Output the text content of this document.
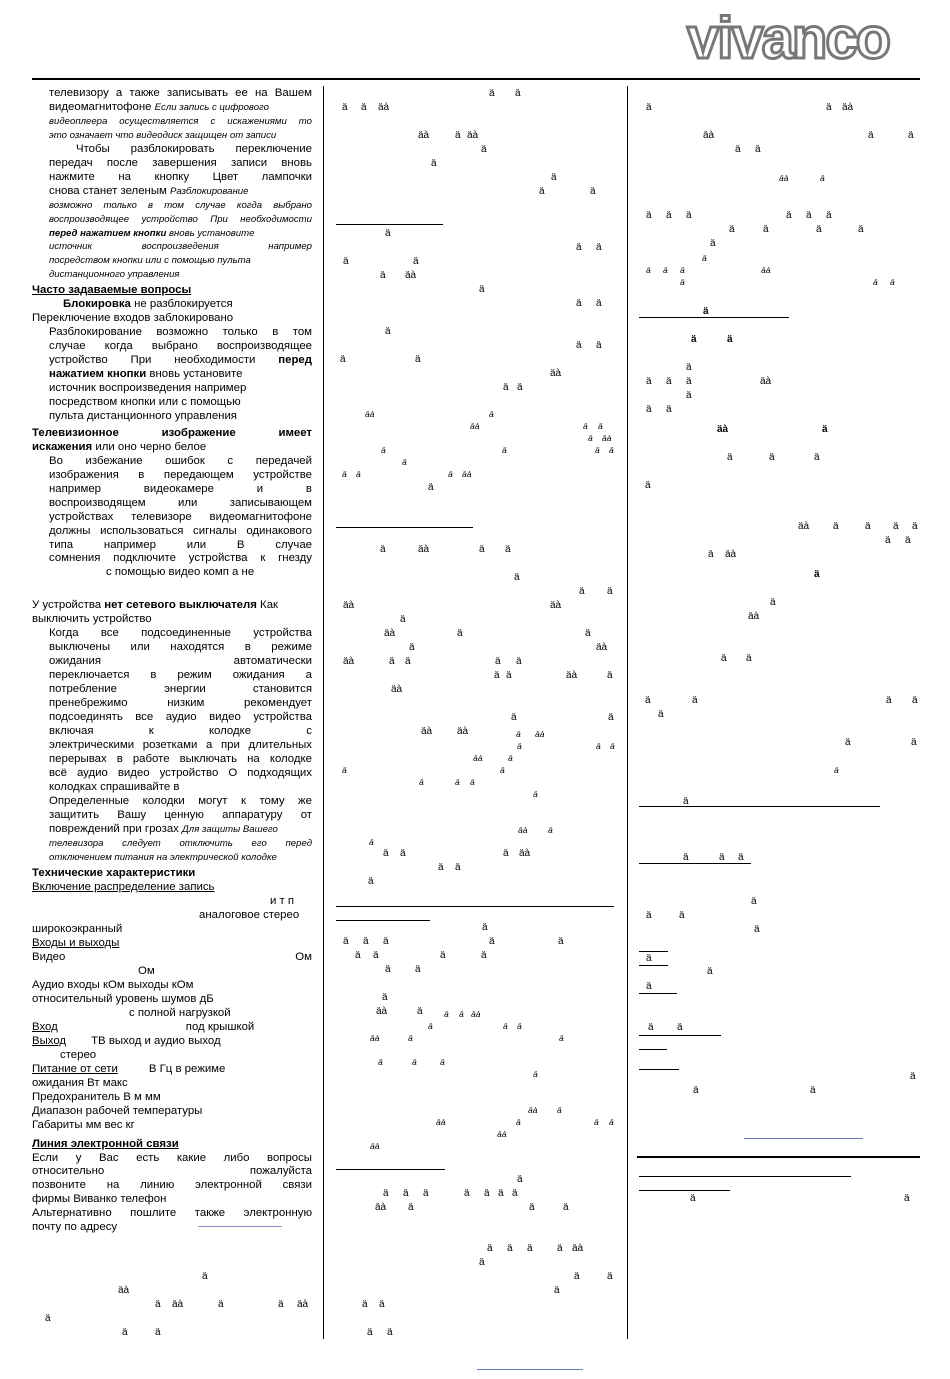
vivanco

телевизору а также записывать ее на Вашем

видеомагнитофоне Если запись с цифрового

видеоплеера осуществляется с искажениями то

это означает что видеодиск защищен от записи

Чтобы разблокировать переключение

передач после завершения записи вновь

нажмите на кнопку Цвет лампочки

снова станет зеленым Разблокирование

возможно только в том случае когда выбрано

воспроизводящее устройство При необходимости

перед нажатием кнопки вновь установите

источник воспроизведения например

посредством кнопки или с помощью пульта

дистанционного управления

Часто задаваемые вопросы

Блокировка не разблокируется

Переключение входов заблокировано

Разблокирование возможно только в том

случае когда выбрано воспроизводящее

устройство При необходимости перед

нажатием кнопки вновь установите

источник воспроизведения например

посредством кнопки или с помощью

пульта дистанционного управления

Телевизионное изображение имеет

искажения или оно черно белое

Во избежание ошибок с передачей

изображения в передающем устройстве

например видеокамере и в

воспроизводящем или записывающем

устройствах телевизоре видеомагнитофоне

должны использоваться сигналы одинакового

типа например или В случае

сомнения подключите устройства к гнезду

с помощью видео комп а не

У устройства нет сетевого выключателя Как

выключить устройство

Когда все подсоединенные устройства

выключены или находятся в режиме

ожидания автоматически

переключается в режим ожидания а

потребление энергии становится

пренебрежимо низким рекомендует

подсоединять все аудио видео устройства

включая к колодке с

электрическими розетками а при длительных

перерывах в работе выключать на колодке

всё аудио видео устройство О подходящих

колодках спрашивайте в

Определенные колодки могут к тому же

защитить Вашу ценную аппаратуру от

повреждений при грозах Для защиты Вашего

телевизора следует отключить его перед

отключением питания на электрической колодке

Технические характеристики

Включение распределение запись

и т п

аналоговое стерео

широкоэкранный

Входы и выходы

Видео	Ом

Ом

Аудио входы кОм выходы кОм

относительный уровень шумов дБ

с полной нагрузкой

Вход	под крышкой

Выход ТВ выход и аудио выход

стерео

Питание от сети	В Гц в режиме

ожидания Вт макс

Предохранитель В м мм

Диапазон рабочей температуры

Габариты мм вес кг

Линия электронной связи

Если у Вас есть какие либо вопросы

относительно пожалуйста

позвоните на линию электронной связи

фирмы Виванко телефон

Альтернативно пошлите также электронную

почту по адресу

ä
äà
ä äà	ä	ä äà
ä
ä	ä
ä ä
ä ä äà
äà	ä äà
ä
ä
ä
ä	ä
ä
ä ä
ä	ä
ä äà
ä
ä ä
ä
ä ä
ä	ä
äà
ä ä
äà	ä
äà	ä ä
ä äà
ä	ä	ä ä
ä
ä ä	ä äà
ä
ä	äà	ä ä
ä
ä ä
äà	äà
ä
äà	ä	ä
ä	äà
äà	ä ä	ä ä
ä ä	äà	ä
äà
ä	ä
äà äà	ä äà
ä	ä ä
äà	ä
ä	ä
ä	ä ä
ä
äà ä
ä
ä ä	ä äà
ä ä
ä
ä
ä ä ä	ä	ä
ä ä	ä	ä
ä ä
ä
äà	ä	ä ä äà
ä	ä ä
äà	ä	ä
ä	ä	ä
ä
äà ä
äà	ä	ä ä
äà
äà
ä
ä ä ä	ä ä ä ä
äà ä	ä	ä
ä ä ä ä äà
ä
ä	ä
ä
ä ä
ä ä
ä	ä äà
äà	ä	ä
ä ä
äà	ä
ä ä ä	ä ä ä
ä	ä	ä	ä
ä
ä
ä ä ä	äà
ä	ä ä
ä
ä	ä
ä
ä ä ä	äà
ä
ä ä
äà	ä
ä	ä	ä
ä
äà ä	ä ä ä
ä ä
ä äà
ä
ä
äà
ä ä
ä	ä	ä ä
ä
ä	ä
ä
ä
ä	ä ä
ä
ä	ä
ä
ä
ä
ä
ä ä
ä
ä	ä
ä	ä
